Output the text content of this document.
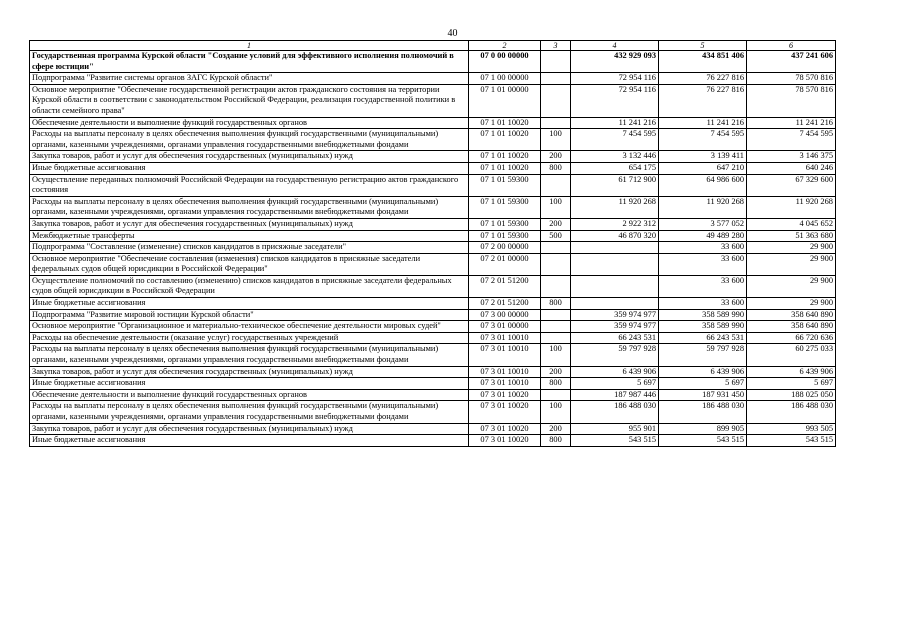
40
1	2	3	4	5	6
Государственная программа Курской области "Создание условий для эффективного исполнения полномочий в сфере юстиции"	07 0 00 00000		432 929 093	434 851 406	437 241 606
Подпрограмма "Развитие системы органов ЗАГС Курской области"	07 1 00 00000		72 954 116	76 227 816	78 570 816
Основное мероприятие "Обеспечение государственной регистрации актов гражданского состояния на территории Курской области в соответствии с законодательством Российской Федерации, реализация государственной политики в области семейного права"	07 1 01 00000		72 954 116	76 227 816	78 570 816
Обеспечение деятельности и выполнение функций государственных органов	07 1 01 10020		11 241 216	11 241 216	11 241 216
Расходы на выплаты персоналу в целях обеспечения выполнения функций государственными (муниципальными) органами, казенными учреждениями, органами управления государственными внебюджетными фондами	07 1 01 10020	100	7 454 595	7 454 595	7 454 595
Закупка товаров, работ и услуг для обеспечения государственных (муниципальных) нужд	07 1 01 10020	200	3 132 446	3 139 411	3 146 375
Иные бюджетные ассигнования	07 1 01 10020	800	654 175	647 210	640 246
Осуществление переданных полномочий Российской Федерации на государственную регистрацию актов гражданского состояния	07 1 01 59300		61 712 900	64 986 600	67 329 600
Расходы на выплаты персоналу в целях обеспечения выполнения функций государственными (муниципальными) органами, казенными учреждениями, органами управления государственными внебюджетными фондами	07 1 01 59300	100	11 920 268	11 920 268	11 920 268
Закупка товаров, работ и услуг для обеспечения государственных (муниципальных) нужд	07 1 01 59300	200	2 922 312	3 577 052	4 045 652
Межбюджетные трансферты	07 1 01 59300	500	46 870 320	49 489 280	51 363 680
Подпрограмма "Составление (изменение) списков кандидатов в присяжные заседатели"	07 2 00 00000			33 600	29 900
Основное мероприятие "Обеспечение составления (изменения) списков кандидатов в присяжные заседатели федеральных судов общей юрисдикции в Российской Федерации"	07 2 01 00000			33 600	29 900
Осуществление полномочий по составлению (изменению) списков кандидатов в присяжные заседатели федеральных судов общей юрисдикции в Российской Федерации	07 2 01 51200			33 600	29 900
Иные бюджетные ассигнования	07 2 01 51200	800		33 600	29 900
Подпрограмма "Развитие мировой юстиции Курской области"	07 3 00 00000		359 974 977	358 589 990	358 640 890
Основное мероприятие "Организационное и материально-техническое обеспечение деятельности мировых судей"	07 3 01 00000		359 974 977	358 589 990	358 640 890
Расходы на обеспечение деятельности (оказание услуг) государственных учреждений	07 3 01 10010		66 243 531	66 243 531	66 720 636
Расходы на выплаты персоналу в целях обеспечения выполнения функций государственными (муниципальными) органами, казенными учреждениями, органами управления государственными внебюджетными фондами	07 3 01 10010	100	59 797 928	59 797 928	60 275 033
Закупка товаров, работ и услуг для обеспечения государственных (муниципальных) нужд	07 3 01 10010	200	6 439 906	6 439 906	6 439 906
Иные бюджетные ассигнования	07 3 01 10010	800	5 697	5 697	5 697
Обеспечение деятельности и выполнение функций государственных органов	07 3 01 10020		187 987 446	187 931 450	188 025 050
Расходы на выплаты персоналу в целях обеспечения выполнения функций государственными (муниципальными) органами, казенными учреждениями, органами управления государственными внебюджетными фондами	07 3 01 10020	100	186 488 030	186 488 030	186 488 030
Закупка товаров, работ и услуг для обеспечения государственных (муниципальных) нужд	07 3 01 10020	200	955 901	899 905	993 505
Иные бюджетные ассигнования	07 3 01 10020	800	543 515	543 515	543 515
